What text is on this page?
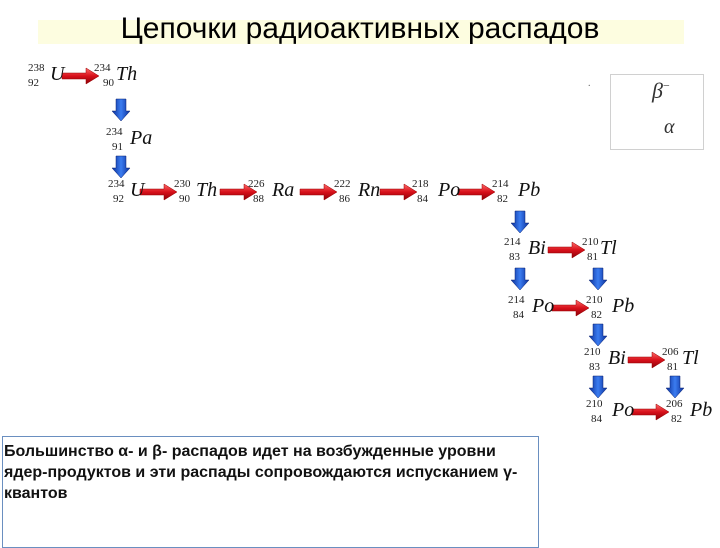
Цепочки радиоактивных распадов
238
92 U	234
90 Th
234
91 Pa
234
92 U	230
90 Th	226
88 Ra	222
86 Rn	218
84 Po	214
82 Pb
214
83 Bi	210
81 Tl
214
84 Po	210
82 Pb
210
83 Bi	206
81 Tl
210
84 Po	206
82 Pb
.	β−
α
Большинство α- и β- распадов идет на возбужденные уровни ядер-продуктов и эти распады сопровождаются испусканием γ-квантов
